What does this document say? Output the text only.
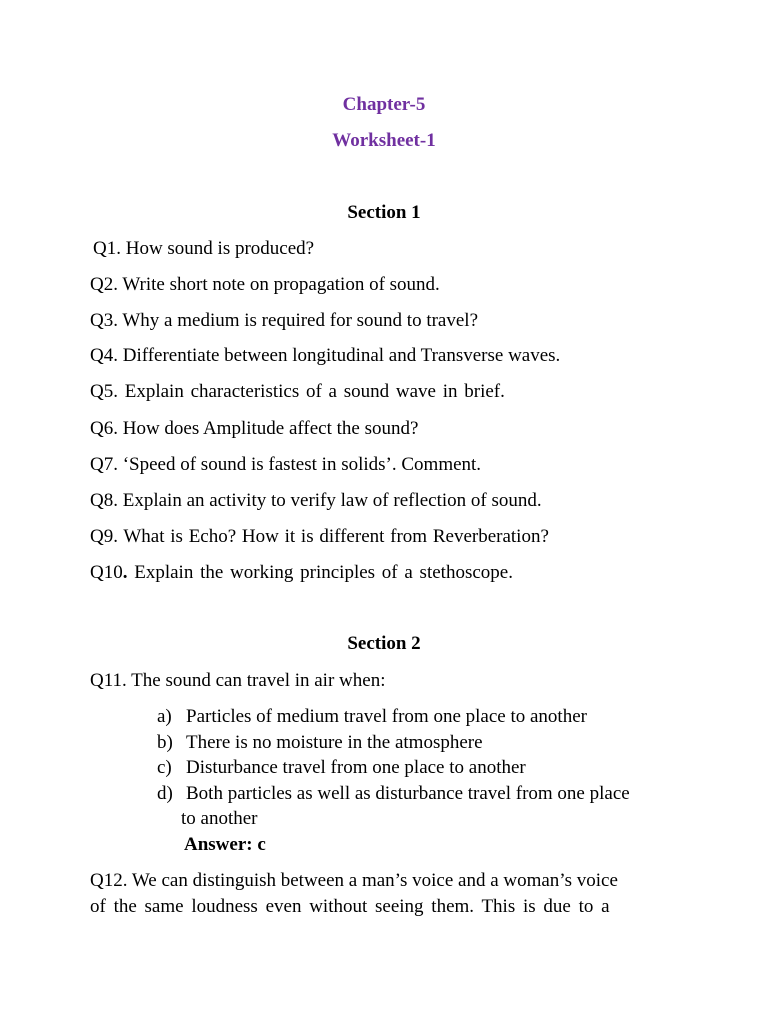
Chapter-5
Worksheet-1
Section 1
Q1. How sound is produced?
Q2. Write short note on propagation of sound.
Q3. Why a medium is required for sound to travel?
Q4. Differentiate between longitudinal and Transverse waves.
Q5. Explain characteristics of a sound wave in brief.
Q6. How does Amplitude affect the sound?
Q7. ‘Speed of sound is fastest in solids’. Comment.
Q8. Explain an activity to verify law of reflection of sound.
Q9. What is Echo? How it is different from Reverberation?
Q10. Explain the working principles of a stethoscope.
Section 2
Q11. The sound can travel in air when:
a) Particles of medium travel from one place to another
b) There is no moisture in the atmosphere
c) Disturbance travel from one place to another
d) Both particles as well as disturbance travel from one place
to another
Answer: c
Q12. We can distinguish between a man’s voice and a woman’s voice
of the same loudness even without seeing them. This is due to a
